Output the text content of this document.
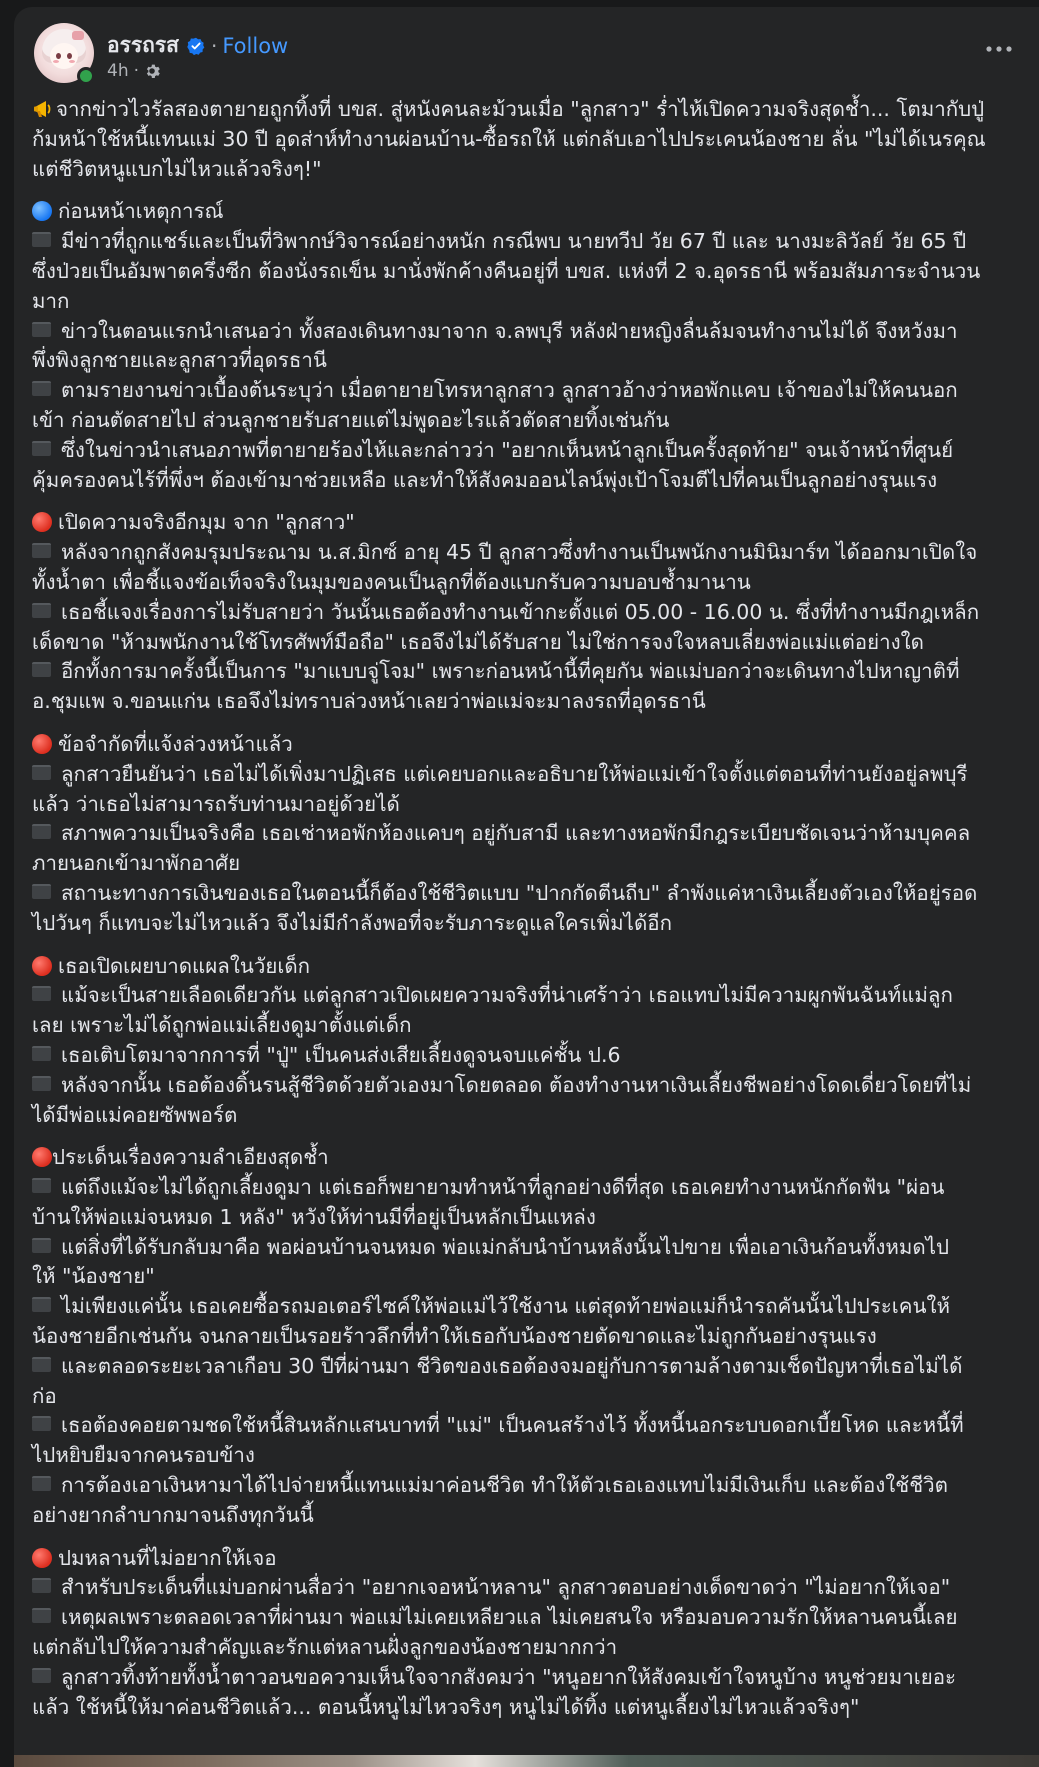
อรรถรส · Follow
4h ·

จากข่าวไวรัลสองตายายถูกทิ้งที่ บขส. สู่หนังคนละม้วนเมื่อ "ลูกสาว" ร่ำไห้เปิดความจริงสุดช้ำ... โตมากับปู่
ก้มหน้าใช้หนี้แทนแม่ 30 ปี อุดส่าห์ทำงานผ่อนบ้าน-ซื้อรถให้ แต่กลับเอาไปประเคนน้องชาย ลั่น "ไม่ได้เนรคุณ
แต่ชีวิตหนูแบกไม่ไหวแล้วจริงๆ!"

ก่อนหน้าเหตุการณ์
มีข่าวที่ถูกแชร์และเป็นที่วิพากษ์วิจารณ์อย่างหนัก กรณีพบ นายทวีป วัย 67 ปี และ นางมะลิวัลย์ วัย 65 ปี
ซึ่งป่วยเป็นอัมพาตครึ่งซีก ต้องนั่งรถเข็น มานั่งพักค้างคืนอยู่ที่ บขส. แห่งที่ 2 จ.อุดรธานี พร้อมสัมภาระจำนวน
มาก
ข่าวในตอนแรกนำเสนอว่า ทั้งสองเดินทางมาจาก จ.ลพบุรี หลังฝ่ายหญิงลื่นล้มจนทำงานไม่ได้ จึงหวังมา
พึ่งพิงลูกชายและลูกสาวที่อุดรธานี
ตามรายงานข่าวเบื้องต้นระบุว่า เมื่อตายายโทรหาลูกสาว ลูกสาวอ้างว่าหอพักแคบ เจ้าของไม่ให้คนนอก
เข้า ก่อนตัดสายไป ส่วนลูกชายรับสายแต่ไม่พูดอะไรแล้วตัดสายทิ้งเช่นกัน
ซึ่งในข่าวนำเสนอภาพที่ตายายร้องไห้และกล่าวว่า "อยากเห็นหน้าลูกเป็นครั้งสุดท้าย" จนเจ้าหน้าที่ศูนย์
คุ้มครองคนไร้ที่พึ่งฯ ต้องเข้ามาช่วยเหลือ และทำให้สังคมออนไลน์พุ่งเป้าโจมตีไปที่คนเป็นลูกอย่างรุนแรง

เปิดความจริงอีกมุม จาก "ลูกสาว"
หลังจากถูกสังคมรุมประณาม น.ส.มิกซ์ อายุ 45 ปี ลูกสาวซึ่งทำงานเป็นพนักงานมินิมาร์ท ได้ออกมาเปิดใจ
ทั้งน้ำตา เพื่อชี้แจงข้อเท็จจริงในมุมของคนเป็นลูกที่ต้องแบกรับความบอบช้ำมานาน
เธอชี้แจงเรื่องการไม่รับสายว่า วันนั้นเธอต้องทำงานเข้ากะตั้งแต่ 05.00 - 16.00 น. ซึ่งที่ทำงานมีกฎเหล็ก
เด็ดขาด "ห้ามพนักงานใช้โทรศัพท์มือถือ" เธอจึงไม่ได้รับสาย ไม่ใช่การจงใจหลบเลี่ยงพ่อแม่แต่อย่างใด
อีกทั้งการมาครั้งนี้เป็นการ "มาแบบจู่โจม" เพราะก่อนหน้านี้ที่คุยกัน พ่อแม่บอกว่าจะเดินทางไปหาญาติที่
อ.ชุมแพ จ.ขอนแก่น เธอจึงไม่ทราบล่วงหน้าเลยว่าพ่อแม่จะมาลงรถที่อุดรธานี

ข้อจำกัดที่แจ้งล่วงหน้าแล้ว
ลูกสาวยืนยันว่า เธอไม่ได้เพิ่งมาปฏิเสธ แต่เคยบอกและอธิบายให้พ่อแม่เข้าใจตั้งแต่ตอนที่ท่านยังอยู่ลพบุรี
แล้ว ว่าเธอไม่สามารถรับท่านมาอยู่ด้วยได้
สภาพความเป็นจริงคือ เธอเช่าหอพักห้องแคบๆ อยู่กับสามี และทางหอพักมีกฎระเบียบชัดเจนว่าห้ามบุคคล
ภายนอกเข้ามาพักอาศัย
สถานะทางการเงินของเธอในตอนนี้ก็ต้องใช้ชีวิตแบบ "ปากกัดตีนถีบ" ลำพังแค่หาเงินเลี้ยงตัวเองให้อยู่รอด
ไปวันๆ ก็แทบจะไม่ไหวแล้ว จึงไม่มีกำลังพอที่จะรับภาระดูแลใครเพิ่มได้อีก

เธอเปิดเผยบาดแผลในวัยเด็ก
แม้จะเป็นสายเลือดเดียวกัน แต่ลูกสาวเปิดเผยความจริงที่น่าเศร้าว่า เธอแทบไม่มีความผูกพันฉันท์แม่ลูก
เลย เพราะไม่ได้ถูกพ่อแม่เลี้ยงดูมาตั้งแต่เด็ก
เธอเติบโตมาจากการที่ "ปู่" เป็นคนส่งเสียเลี้ยงดูจนจบแค่ชั้น ป.6
หลังจากนั้น เธอต้องดิ้นรนสู้ชีวิตด้วยตัวเองมาโดยตลอด ต้องทำงานหาเงินเลี้ยงชีพอย่างโดดเดี่ยวโดยที่ไม่
ได้มีพ่อแม่คอยซัพพอร์ต

ประเด็นเรื่องความลำเอียงสุดช้ำ
แต่ถึงแม้จะไม่ได้ถูกเลี้ยงดูมา แต่เธอก็พยายามทำหน้าที่ลูกอย่างดีที่สุด เธอเคยทำงานหนักกัดฟัน "ผ่อน
บ้านให้พ่อแม่จนหมด 1 หลัง" หวังให้ท่านมีที่อยู่เป็นหลักเป็นแหล่ง
แต่สิ่งที่ได้รับกลับมาคือ พอผ่อนบ้านจนหมด พ่อแม่กลับนำบ้านหลังนั้นไปขาย เพื่อเอาเงินก้อนทั้งหมดไป
ให้ "น้องชาย"
ไม่เพียงแค่นั้น เธอเคยซื้อรถมอเตอร์ไซค์ให้พ่อแม่ไว้ใช้งาน แต่สุดท้ายพ่อแม่ก็นำรถคันนั้นไปประเคนให้
น้องชายอีกเช่นกัน จนกลายเป็นรอยร้าวลึกที่ทำให้เธอกับน้องชายตัดขาดและไม่ถูกกันอย่างรุนแรง
และตลอดระยะเวลาเกือบ 30 ปีที่ผ่านมา ชีวิตของเธอต้องจมอยู่กับการตามล้างตามเช็ดปัญหาที่เธอไม่ได้
ก่อ
เธอต้องคอยตามชดใช้หนี้สินหลักแสนบาทที่ "แม่" เป็นคนสร้างไว้ ทั้งหนี้นอกระบบดอกเบี้ยโหด และหนี้ที่
ไปหยิบยืมจากคนรอบข้าง
การต้องเอาเงินหามาได้ไปจ่ายหนี้แทนแม่มาค่อนชีวิต ทำให้ตัวเธอเองแทบไม่มีเงินเก็บ และต้องใช้ชีวิต
อย่างยากลำบากมาจนถึงทุกวันนี้

ปมหลานที่ไม่อยากให้เจอ
สำหรับประเด็นที่แม่บอกผ่านสื่อว่า "อยากเจอหน้าหลาน" ลูกสาวตอบอย่างเด็ดขาดว่า "ไม่อยากให้เจอ"
เหตุผลเพราะตลอดเวลาที่ผ่านมา พ่อแม่ไม่เคยเหลียวแล ไม่เคยสนใจ หรือมอบความรักให้หลานคนนี้เลย
แต่กลับไปให้ความสำคัญและรักแต่หลานฝั่งลูกของน้องชายมากกว่า
ลูกสาวทิ้งท้ายทั้งน้ำตาวอนขอความเห็นใจจากสังคมว่า "หนูอยากให้สังคมเข้าใจหนูบ้าง หนูช่วยมาเยอะ
แล้ว ใช้หนี้ให้มาค่อนชีวิตแล้ว... ตอนนี้หนูไม่ไหวจริงๆ หนูไม่ได้ทิ้ง แต่หนูเลี้ยงไม่ไหวแล้วจริงๆ"
